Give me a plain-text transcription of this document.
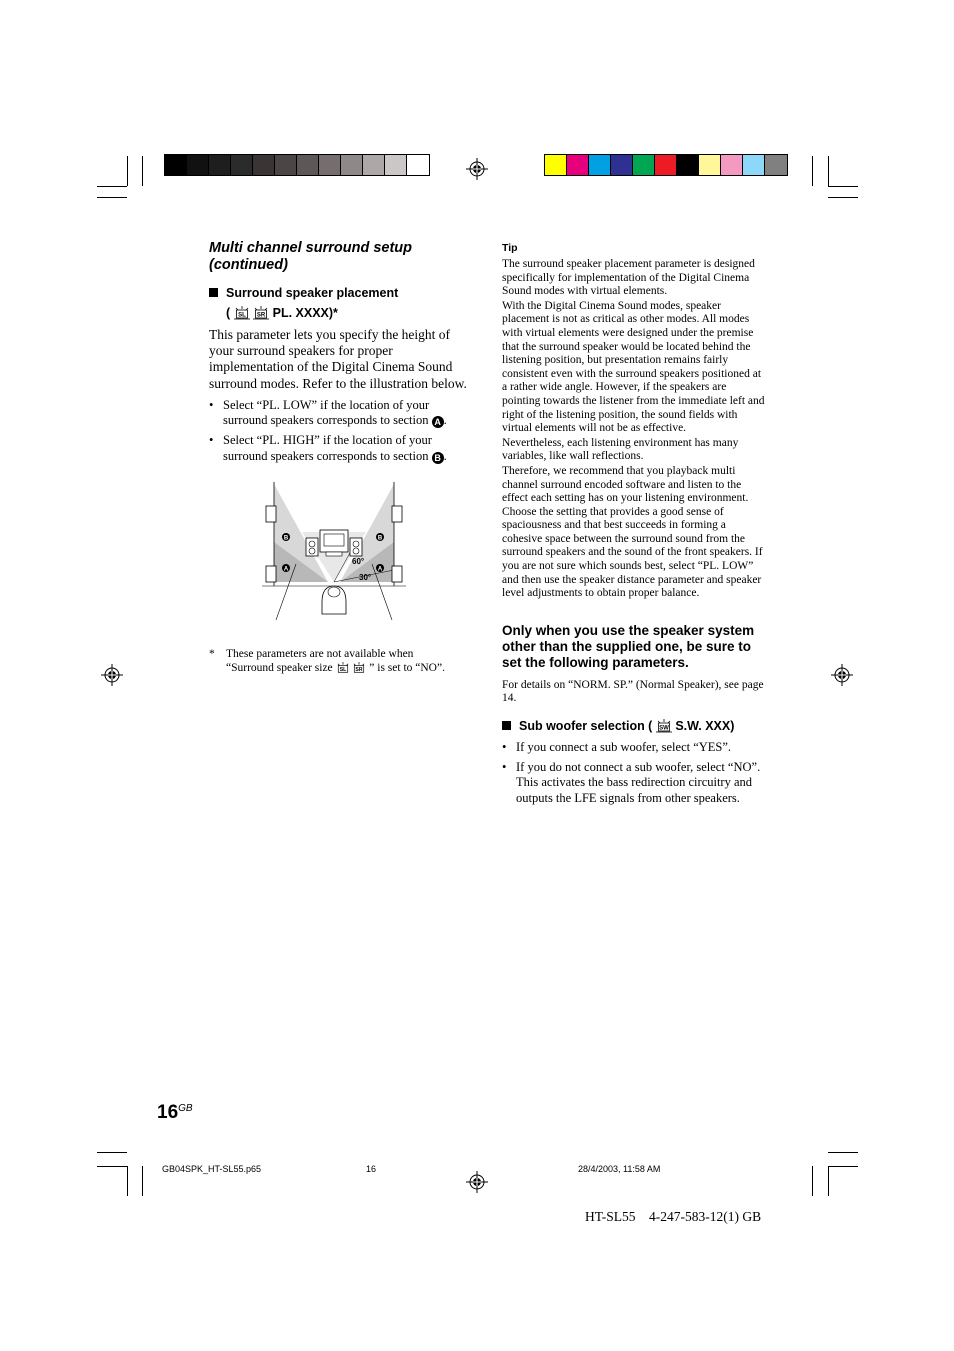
Multi channel surround setup
(continued)
Surround speaker placement
( SL
SR PL. XXXX)*
This parameter lets you specify the height of your surround speakers for proper implementation of the Digital Cinema Sound surround modes. Refer to the illustration below.
• Select “PL. LOW” if the location of your surround speakers corresponds to section A .
• Select “PL. HIGH” if the location of your surround speakers corresponds to section B .
B	B
A	A
60°
30°
* These parameters are not available when
“Surround speaker size SL
SR ” is set to “NO”.
Tip
The surround speaker placement parameter is designed specifically for implementation of the Digital Cinema Sound modes with virtual elements.
With the Digital Cinema Sound modes, speaker placement is not as critical as other modes. All modes with virtual elements were designed under the premise that the surround speaker would be located behind the listening position, but presentation remains fairly consistent even with the surround speakers positioned at a rather wide angle. However, if the speakers are pointing towards the listener from the immediate left and right of the listening position, the sound fields with virtual elements will not be as effective.
Nevertheless, each listening environment has many variables, like wall reflections.
Therefore, we recommend that you playback multi channel surround encoded software and listen to the effect each setting has on your listening environment. Choose the setting that provides a good sense of spaciousness and that best succeeds in forming a cohesive space between the surround sound from the surround speakers and the sound of the front speakers. If you are not sure which sounds best, select “PL. LOW” and then use the speaker distance parameter and speaker level adjustments to obtain proper balance.
Only when you use the speaker system other than the supplied one, be sure to set the following parameters.
For details on “NORM. SP.” (Normal Speaker), see page 14.
Sub woofer selection ( SW S.W. XXX)
• If you connect a sub woofer, select “YES”.
• If you do not connect a sub woofer, select “NO”. This activates the bass redirection circuitry and outputs the LFE signals from other speakers.
$16^{GB}$
GB04SPK_HT-SL55.p65	16	28/4/2003, 11:58 AM
HT-SL55    4-247-583-12(1) GB
